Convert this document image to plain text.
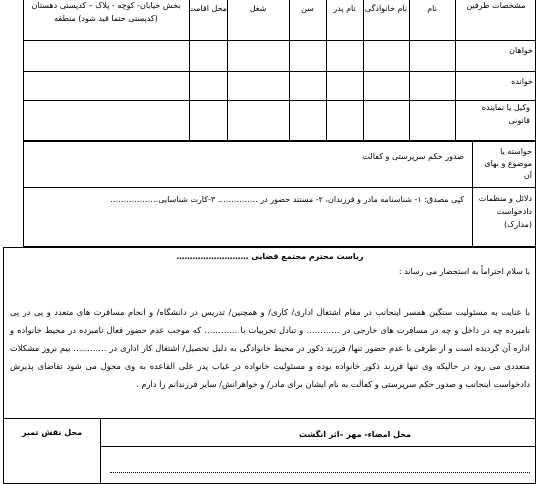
مشخصات طرفین
نام
نام خانوادگی
نام پدر
سن
شغل
محل اقامت
بخش خیابان- کوچه - پلاک – کدپستی دهستان (کدپستی حتما قید شود) منطقه
خواهان
خوانده
وکیل یا نماینده قانونی
خواسته یا موضوع و بهای آن
صدور حکم سرپرستی و کفالت
دلائل و منظمات دادخواست (مدارک)
کپی مصدق: ۱- شناسنامه مادر و فرزندان، ۲- مستند حضور در …………… ۳-کارت شناسایی………………
ریاست محترم مجتمع قضایی ………………………
با سلام احتراماً به استحضار می رساند :
با عنایت به مسئولیت سنگین همسر اینجانب در مقام اشتغال اداری/ کاری/ و همچنین/ تدریس در دانشگاه/ و انجام مسافرت های متعدد و پی در پی نامبرده چه در داخل و چه در مسافرت های خارجی در ………… و تبادل تجربیات با ………… که موجب عدم حضور فعال نامبرده در محیط خانواده و اداره آن گردیده است و از طرفی با عدم حضور تنها/ فرزند ذکور در محیط خانوادگی به دلیل تحصیل/ اشتغال کار اداری در ………… بیم بروز مشکلات متعددی می رود در حالیکه وی تنها فرزند ذکور خانواده بوده و مسئولیت خانواده در غیاب پدر علی القاعده به وی محول می شود تقاضای پذیرش دادخواست اینجانب و صدور حکم سرپرستی و کفالت به نام ایشان برای مادر/ و خواهرانش/ سایر فرزندانم را دارم .
محل امضاء- مهر –اثر انگشت
محل نقش تمبر
